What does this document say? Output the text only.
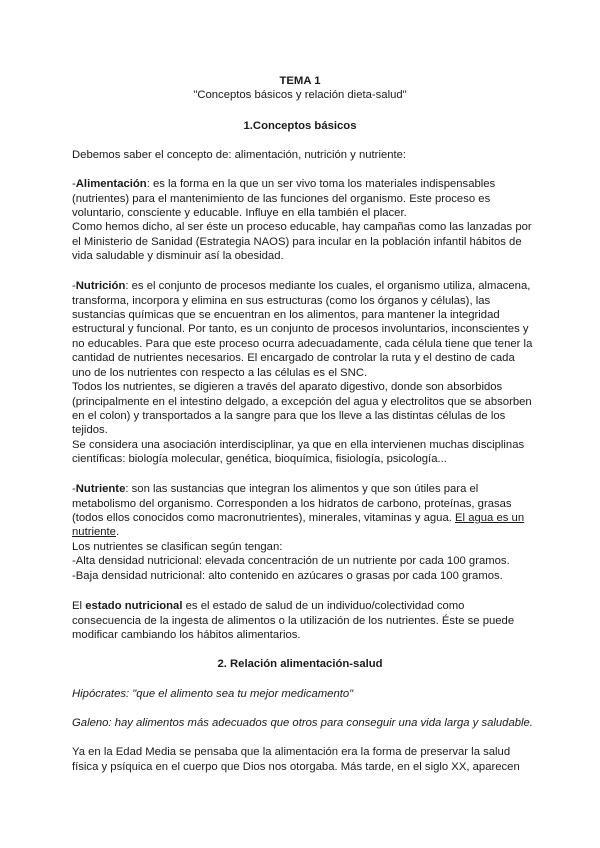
TEMA 1
"Conceptos básicos y relación dieta-salud"
1.Conceptos básicos
Debemos saber el concepto de: alimentación, nutrición y nutriente:
-Alimentación: es la forma en la que un ser vivo toma los materiales indispensables
(nutrientes) para el mantenimiento de las funciones del organismo. Este proceso es
voluntario, consciente y educable. Influye en ella también el placer.
Como hemos dicho, al ser éste un proceso educable, hay campañas como las lanzadas por
el Ministerio de Sanidad (Estrategia NAOS) para incular en la población infantil hábitos de
vida saludable y disminuir así la obesidad.
-Nutrición: es el conjunto de procesos mediante los cuales, el organismo utiliza, almacena,
transforma, incorpora y elimina en sus estructuras (como los órganos y células), las
sustancias químicas que se encuentran en los alimentos, para mantener la integridad
estructural y funcional. Por tanto, es un conjunto de procesos involuntarios, inconscientes y
no educables. Para que este proceso ocurra adecuadamente, cada célula tiene que tener la
cantidad de nutrientes necesarios. El encargado de controlar la ruta y el destino de cada
uno de los nutrientes con respecto a las células es el SNC.
Todos los nutrientes, se digieren a través del aparato digestivo, donde son absorbidos
(principalmente en el intestino delgado, a excepción del agua y electrolitos que se absorben
en el colon) y transportados a la sangre para que los lleve a las distintas células de los
tejidos.
Se considera una asociación interdisciplinar, ya que en ella intervienen muchas disciplinas
científicas: biología molecular, genética, bioquímica, fisiología, psicología...
-Nutriente: son las sustancias que integran los alimentos y que son útiles para el
metabolismo del organismo. Corresponden a los hidratos de carbono, proteínas, grasas
(todos ellos conocidos como macronutrientes), minerales, vitaminas y agua. El agua es un
nutriente.
Los nutrientes se clasifican según tengan:
-Alta densidad nutricional: elevada concentración de un nutriente por cada 100 gramos.
-Baja densidad nutricional: alto contenido en azúcares o grasas por cada 100 gramos.
El estado nutricional es el estado de salud de un individuo/colectividad como
consecuencia de la ingesta de alimentos o la utilización de los nutrientes. Éste se puede
modificar cambiando los hábitos alimentarios.
2. Relación alimentación-salud
Hipócrates: "que el alimento sea tu mejor medicamento"
Galeno: hay alimentos más adecuados que otros para conseguir una vida larga y saludable.
Ya en la Edad Media se pensaba que la alimentación era la forma de preservar la salud
física y psíquica en el cuerpo que Dios nos otorgaba. Más tarde, en el siglo XX, aparecen
